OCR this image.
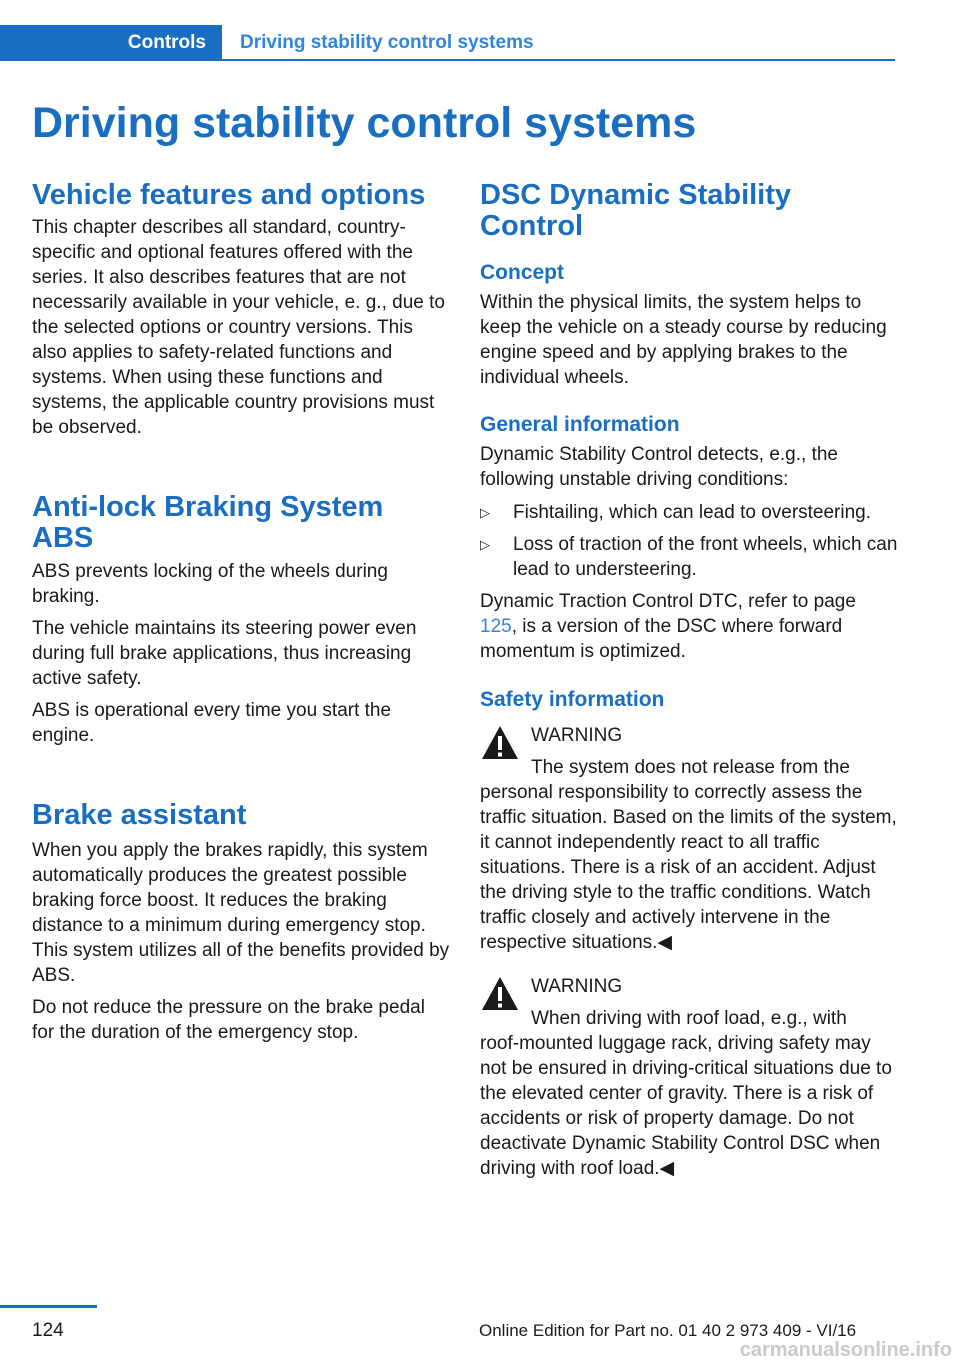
Controls	Driving stability control systems
Driving stability control systems
Vehicle features and options

This chapter describes all standard, country-specific and optional features offered with the series. It also describes features that are not necessarily available in your vehicle, e. g., due to the selected options or country versions. This also applies to safety-related functions and systems. When using these functions and systems, the applicable country provisions must be observed.

Anti-lock Braking System ABS

ABS prevents locking of the wheels during braking.

The vehicle maintains its steering power even during full brake applications, thus increasing active safety.

ABS is operational every time you start the engine.

Brake assistant

When you apply the brakes rapidly, this system automatically produces the greatest possible braking force boost. It reduces the braking distance to a minimum during emergency stop. This system utilizes all of the benefits provided by ABS.

Do not reduce the pressure on the brake pedal for the duration of the emergency stop.

DSC Dynamic Stability Control
Concept

Within the physical limits, the system helps to keep the vehicle on a steady course by reducing engine speed and by applying brakes to the individual wheels.

General information

Dynamic Stability Control detects, e.g., the following unstable driving conditions:

▷	Fishtailing, which can lead to oversteering.
▷	Loss of traction of the front wheels, which can lead to understeering.

Dynamic Traction Control DTC, refer to page 125, is a version of the DSC where forward momentum is optimized.

Safety information
WARNING
The system does not release from the

personal responsibility to correctly assess the traffic situation. Based on the limits of the system, it cannot independently react to all traffic situations. There is a risk of an accident. Adjust the driving style to the traffic conditions. Watch traffic closely and actively intervene in the respective situations.◀

WARNING
When driving with roof load, e.g., with

roof-mounted luggage rack, driving safety may not be ensured in driving-critical situations due to the elevated center of gravity. There is a risk of accidents or risk of property damage. Do not deactivate Dynamic Stability Control DSC when driving with roof load.◀

124	Online Edition for Part no. 01 40 2 973 409 - VI/16
carmanualsonline.info
